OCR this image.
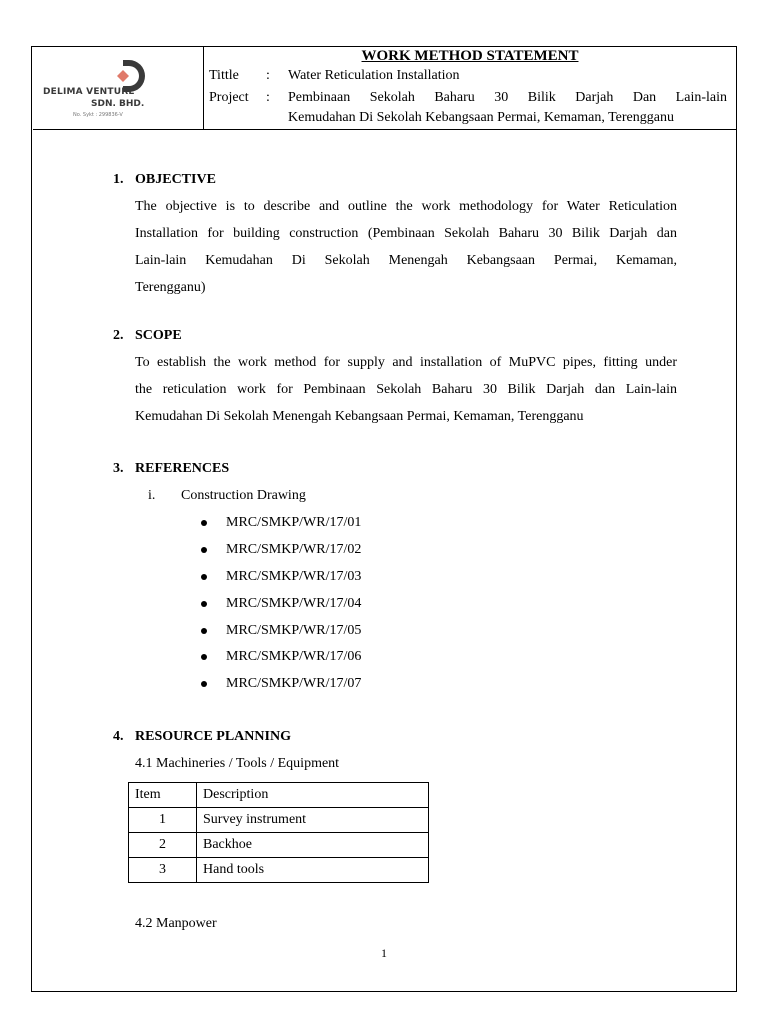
DELIMA VENTURE
SDN. BHD.
No. Sykt : 299836-V
WORK METHOD STATEMENT
Tittle : Water Reticulation Installation
Project : Pembinaan Sekolah Baharu 30 Bilik Darjah Dan Lain-lain
Kemudahan Di Sekolah Kebangsaan Permai, Kemaman, Terengganu
1. OBJECTIVE
The objective is to describe and outline the work methodology for Water Reticulation
Installation for building construction (Pembinaan Sekolah Baharu 30 Bilik Darjah dan
Lain-lain Kemudahan Di Sekolah Menengah Kebangsaan Permai, Kemaman,
Terengganu)
2. SCOPE
To establish the work method for supply and installation of MuPVC pipes, fitting under
the reticulation work for Pembinaan Sekolah Baharu 30 Bilik Darjah dan Lain-lain
Kemudahan Di Sekolah Menengah Kebangsaan Permai, Kemaman, Terengganu
3. REFERENCES
i. Construction Drawing
MRC/SMKP/WR/17/01
MRC/SMKP/WR/17/02
MRC/SMKP/WR/17/03
MRC/SMKP/WR/17/04
MRC/SMKP/WR/17/05
MRC/SMKP/WR/17/06
MRC/SMKP/WR/17/07
4. RESOURCE PLANNING
4.1 Machineries / Tools / Equipment
Item	Description
1	Survey instrument
2	Backhoe
3	Hand tools
4.2 Manpower
1
